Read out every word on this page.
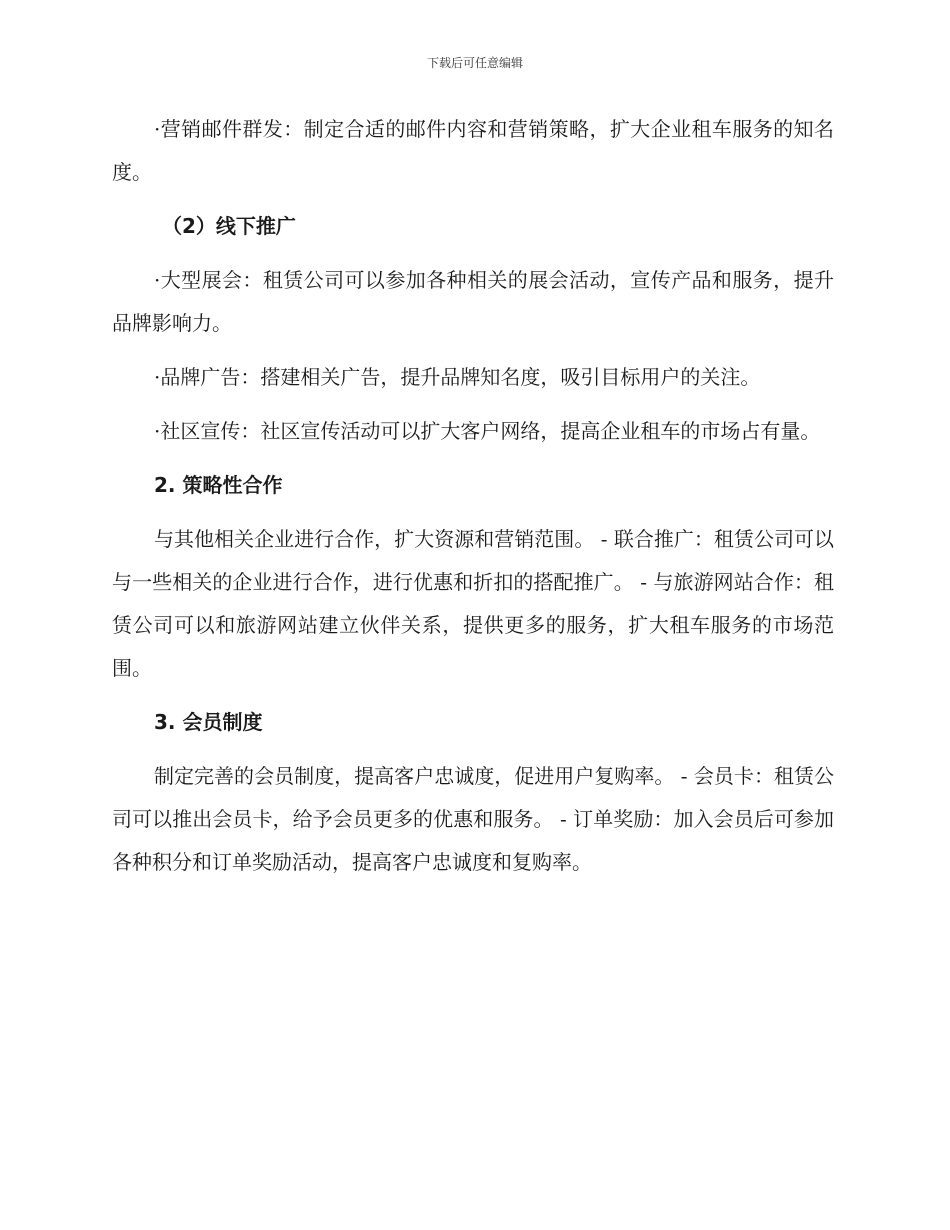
下载后可任意编辑

·营销邮件群发：制定合适的邮件内容和营销策略，扩大企业租车服务的知名度。

（2）线下推广

·大型展会：租赁公司可以参加各种相关的展会活动，宣传产品和服务，提升品牌影响力。

·品牌广告：搭建相关广告，提升品牌知名度，吸引目标用户的关注。

·社区宣传：社区宣传活动可以扩大客户网络，提高企业租车的市场占有量。

2. 策略性合作

与其他相关企业进行合作，扩大资源和营销范围。 - 联合推广：租赁公司可以与一些相关的企业进行合作，进行优惠和折扣的搭配推广。 - 与旅游网站合作：租赁公司可以和旅游网站建立伙伴关系，提供更多的服务，扩大租车服务的市场范围。

3. 会员制度

制定完善的会员制度，提高客户忠诚度，促进用户复购率。 - 会员卡：租赁公司可以推出会员卡，给予会员更多的优惠和服务。 - 订单奖励：加入会员后可参加各种积分和订单奖励活动，提高客户忠诚度和复购率。
